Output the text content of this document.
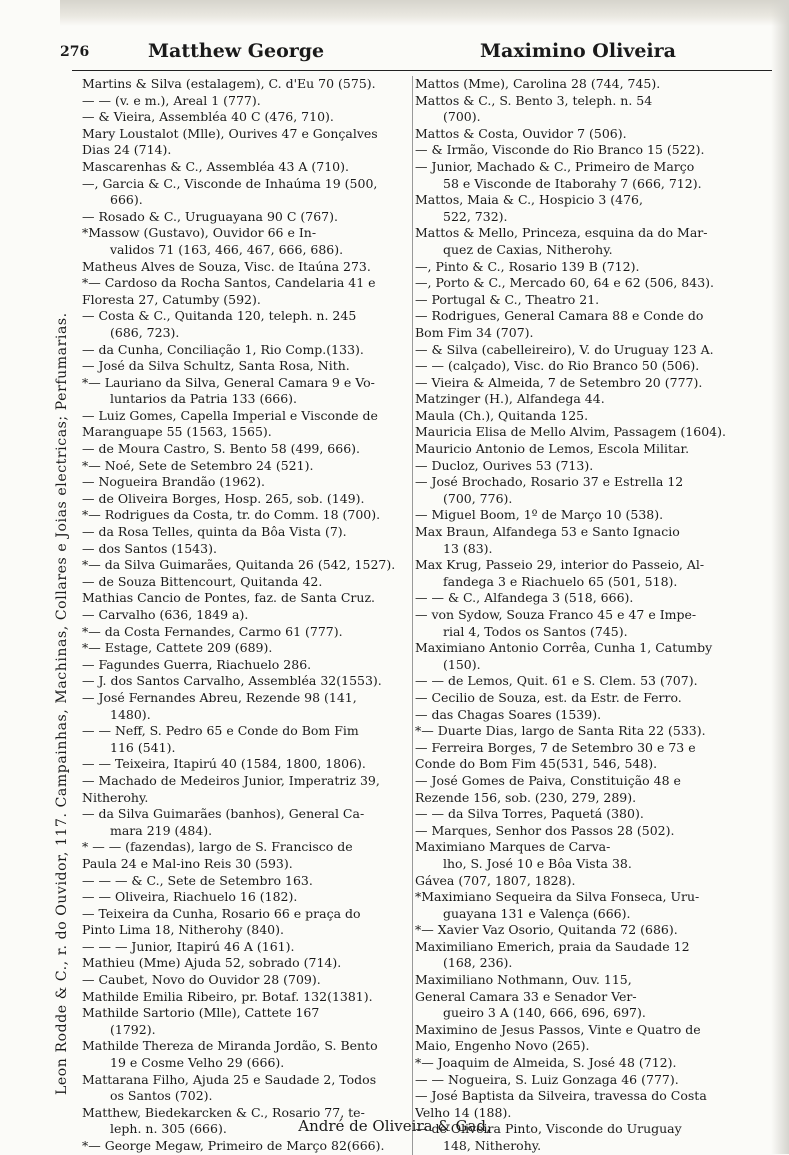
276	Matthew George	Maximino Oliveira
Leon Rodde & C., r. do Ouvidor, 117. Campainhas, Machinas, Collares e Joias electricas; Perfumarias.
Martins & Silva (estalagem), C. d'Eu 70 (575).
— — (v. e m.), Areal 1 (777).
— & Vieira, Assembléa 40 C (476, 710).
Mary Loustalot (Mlle), Ourives 47 e Gonçalves
Dias 24 (714).
Mascarenhas & C., Assembléa 43 A (710).
—, Garcia & C., Visconde de Inhaúma 19 (500,
666).
— Rosado & C., Uruguayana 90 C (767).
*Massow (Gustavo), Ouvidor 66 e In-
validos 71 (163, 466, 467, 666, 686).
Matheus Alves de Souza, Visc. de Itaúna 273.
*— Cardoso da Rocha Santos, Candelaria 41 e
Floresta 27, Catumby (592).
— Costa & C., Quitanda 120, teleph. n. 245
(686, 723).
— da Cunha, Conciliação 1, Rio Comp.(133).
— José da Silva Schultz, Santa Rosa, Nith.
*— Lauriano da Silva, General Camara 9 e Vo-
luntarios da Patria 133 (666).
— Luiz Gomes, Capella Imperial e Visconde de
Maranguape 55 (1563, 1565).
— de Moura Castro, S. Bento 58 (499, 666).
*— Noé, Sete de Setembro 24 (521).
— Nogueira Brandão (1962).
— de Oliveira Borges, Hosp. 265, sob. (149).
*— Rodrigues da Costa, tr. do Comm. 18 (700).
— da Rosa Telles, quinta da Bôa Vista (7).
— dos Santos (1543).
*— da Silva Guimarães, Quitanda 26 (542, 1527).
— de Souza Bittencourt, Quitanda 42.
Mathias Cancio de Pontes, faz. de Santa Cruz.
— Carvalho (636, 1849 a).
*— da Costa Fernandes, Carmo 61 (777).
*— Estage, Cattete 209 (689).
— Fagundes Guerra, Riachuelo 286.
— J. dos Santos Carvalho, Assembléa 32(1553).
— José Fernandes Abreu, Rezende 98 (141,
1480).
— — Neff, S. Pedro 65 e Conde do Bom Fim
116 (541).
— — Teixeira, Itapirú 40 (1584, 1800, 1806).
— Machado de Medeiros Junior, Imperatriz 39,
Nitherohy.
— da Silva Guimarães (banhos), General Ca-
mara 219 (484).
* — — (fazendas), largo de S. Francisco de
Paula 24 e Mal-ino Reis 30 (593).
— — — & C., Sete de Setembro 163.
— — Oliveira, Riachuelo 16 (182).
— Teixeira da Cunha, Rosario 66 e praça do
Pinto Lima 18, Nitherohy (840).
— — — Junior, Itapirú 46 A (161).
Mathieu (Mme) Ajuda 52, sobrado (714).
— Caubet, Novo do Ouvidor 28 (709).
Mathilde Emilia Ribeiro, pr. Botaf. 132(1381).
Mathilde Sartorio (Mlle), Cattete 167
(1792).
Mathilde Thereza de Miranda Jordão, S. Bento
19 e Cosme Velho 29 (666).
Mattarana Filho, Ajuda 25 e Saudade 2, Todos
os Santos (702).
Matthew, Biedekarcken & C., Rosario 77, te-
leph. n. 305 (666).
*— George Megaw, Primeiro de Março 82(666).
Mattos (Mme), Carolina 28 (744, 745).
Mattos & C., S. Bento 3, teleph. n. 54
(700).
Mattos & Costa, Ouvidor 7 (506).
— & Irmão, Visconde do Rio Branco 15 (522).
— Junior, Machado & C., Primeiro de Março
58 e Visconde de Itaborahy 7 (666, 712).
Mattos, Maia & C., Hospicio 3 (476,
522, 732).
Mattos & Mello, Princeza, esquina da do Mar-
quez de Caxias, Nitherohy.
—, Pinto & C., Rosario 139 B (712).
—, Porto & C., Mercado 60, 64 e 62 (506, 843).
— Portugal & C., Theatro 21.
— Rodrigues, General Camara 88 e Conde do
Bom Fim 34 (707).
— & Silva (cabelleireiro), V. do Uruguay 123 A.
— — (calçado), Visc. do Rio Branco 50 (506).
— Vieira & Almeida, 7 de Setembro 20 (777).
Matzinger (H.), Alfandega 44.
Maula (Ch.), Quitanda 125.
Mauricia Elisa de Mello Alvim, Passagem (1604).
Mauricio Antonio de Lemos, Escola Militar.
— Ducloz, Ourives 53 (713).
— José Brochado, Rosario 37 e Estrella 12
(700, 776).
— Miguel Boom, 1º de Março 10 (538).
Max Braun, Alfandega 53 e Santo Ignacio
13 (83).
Max Krug, Passeio 29, interior do Passeio, Al-
fandega 3 e Riachuelo 65 (501, 518).
— — & C., Alfandega 3 (518, 666).
— von Sydow, Souza Franco 45 e 47 e Impe-
rial 4, Todos os Santos (745).
Maximiano Antonio Corrêa, Cunha 1, Catumby
(150).
— — de Lemos, Quit. 61 e S. Clem. 53 (707).
— Cecilio de Souza, est. da Estr. de Ferro.
— das Chagas Soares (1539).
*— Duarte Dias, largo de Santa Rita 22 (533).
— Ferreira Borges, 7 de Setembro 30 e 73 e
Conde do Bom Fim 45(531, 546, 548).
— José Gomes de Paiva, Constituição 48 e
Rezende 156, sob. (230, 279, 289).
— — da Silva Torres, Paquetá (380).
— Marques, Senhor dos Passos 28 (502).
Maximiano Marques de Carva-
lho, S. José 10 e Bôa Vista 38.
Gávea (707, 1807, 1828).
*Maximiano Sequeira da Silva Fonseca, Uru-
guayana 131 e Valença (666).
*— Xavier Vaz Osorio, Quitanda 72 (686).
Maximiliano Emerich, praia da Saudade 12
(168, 236).
Maximiliano Nothmann, Ouv. 115,
General Camara 33 e Senador Ver-
gueiro 3 A (140, 666, 696, 697).
Maximino de Jesus Passos, Vinte e Quatro de
Maio, Engenho Novo (265).
*— Joaquim de Almeida, S. José 48 (712).
— — Nogueira, S. Luiz Gonzaga 46 (777).
— José Baptista da Silveira, travessa do Costa
Velho 14 (188).
— de Oliveira Pinto, Visconde do Uruguay
148, Nitherohy.
André de Oliveira & Gad,
